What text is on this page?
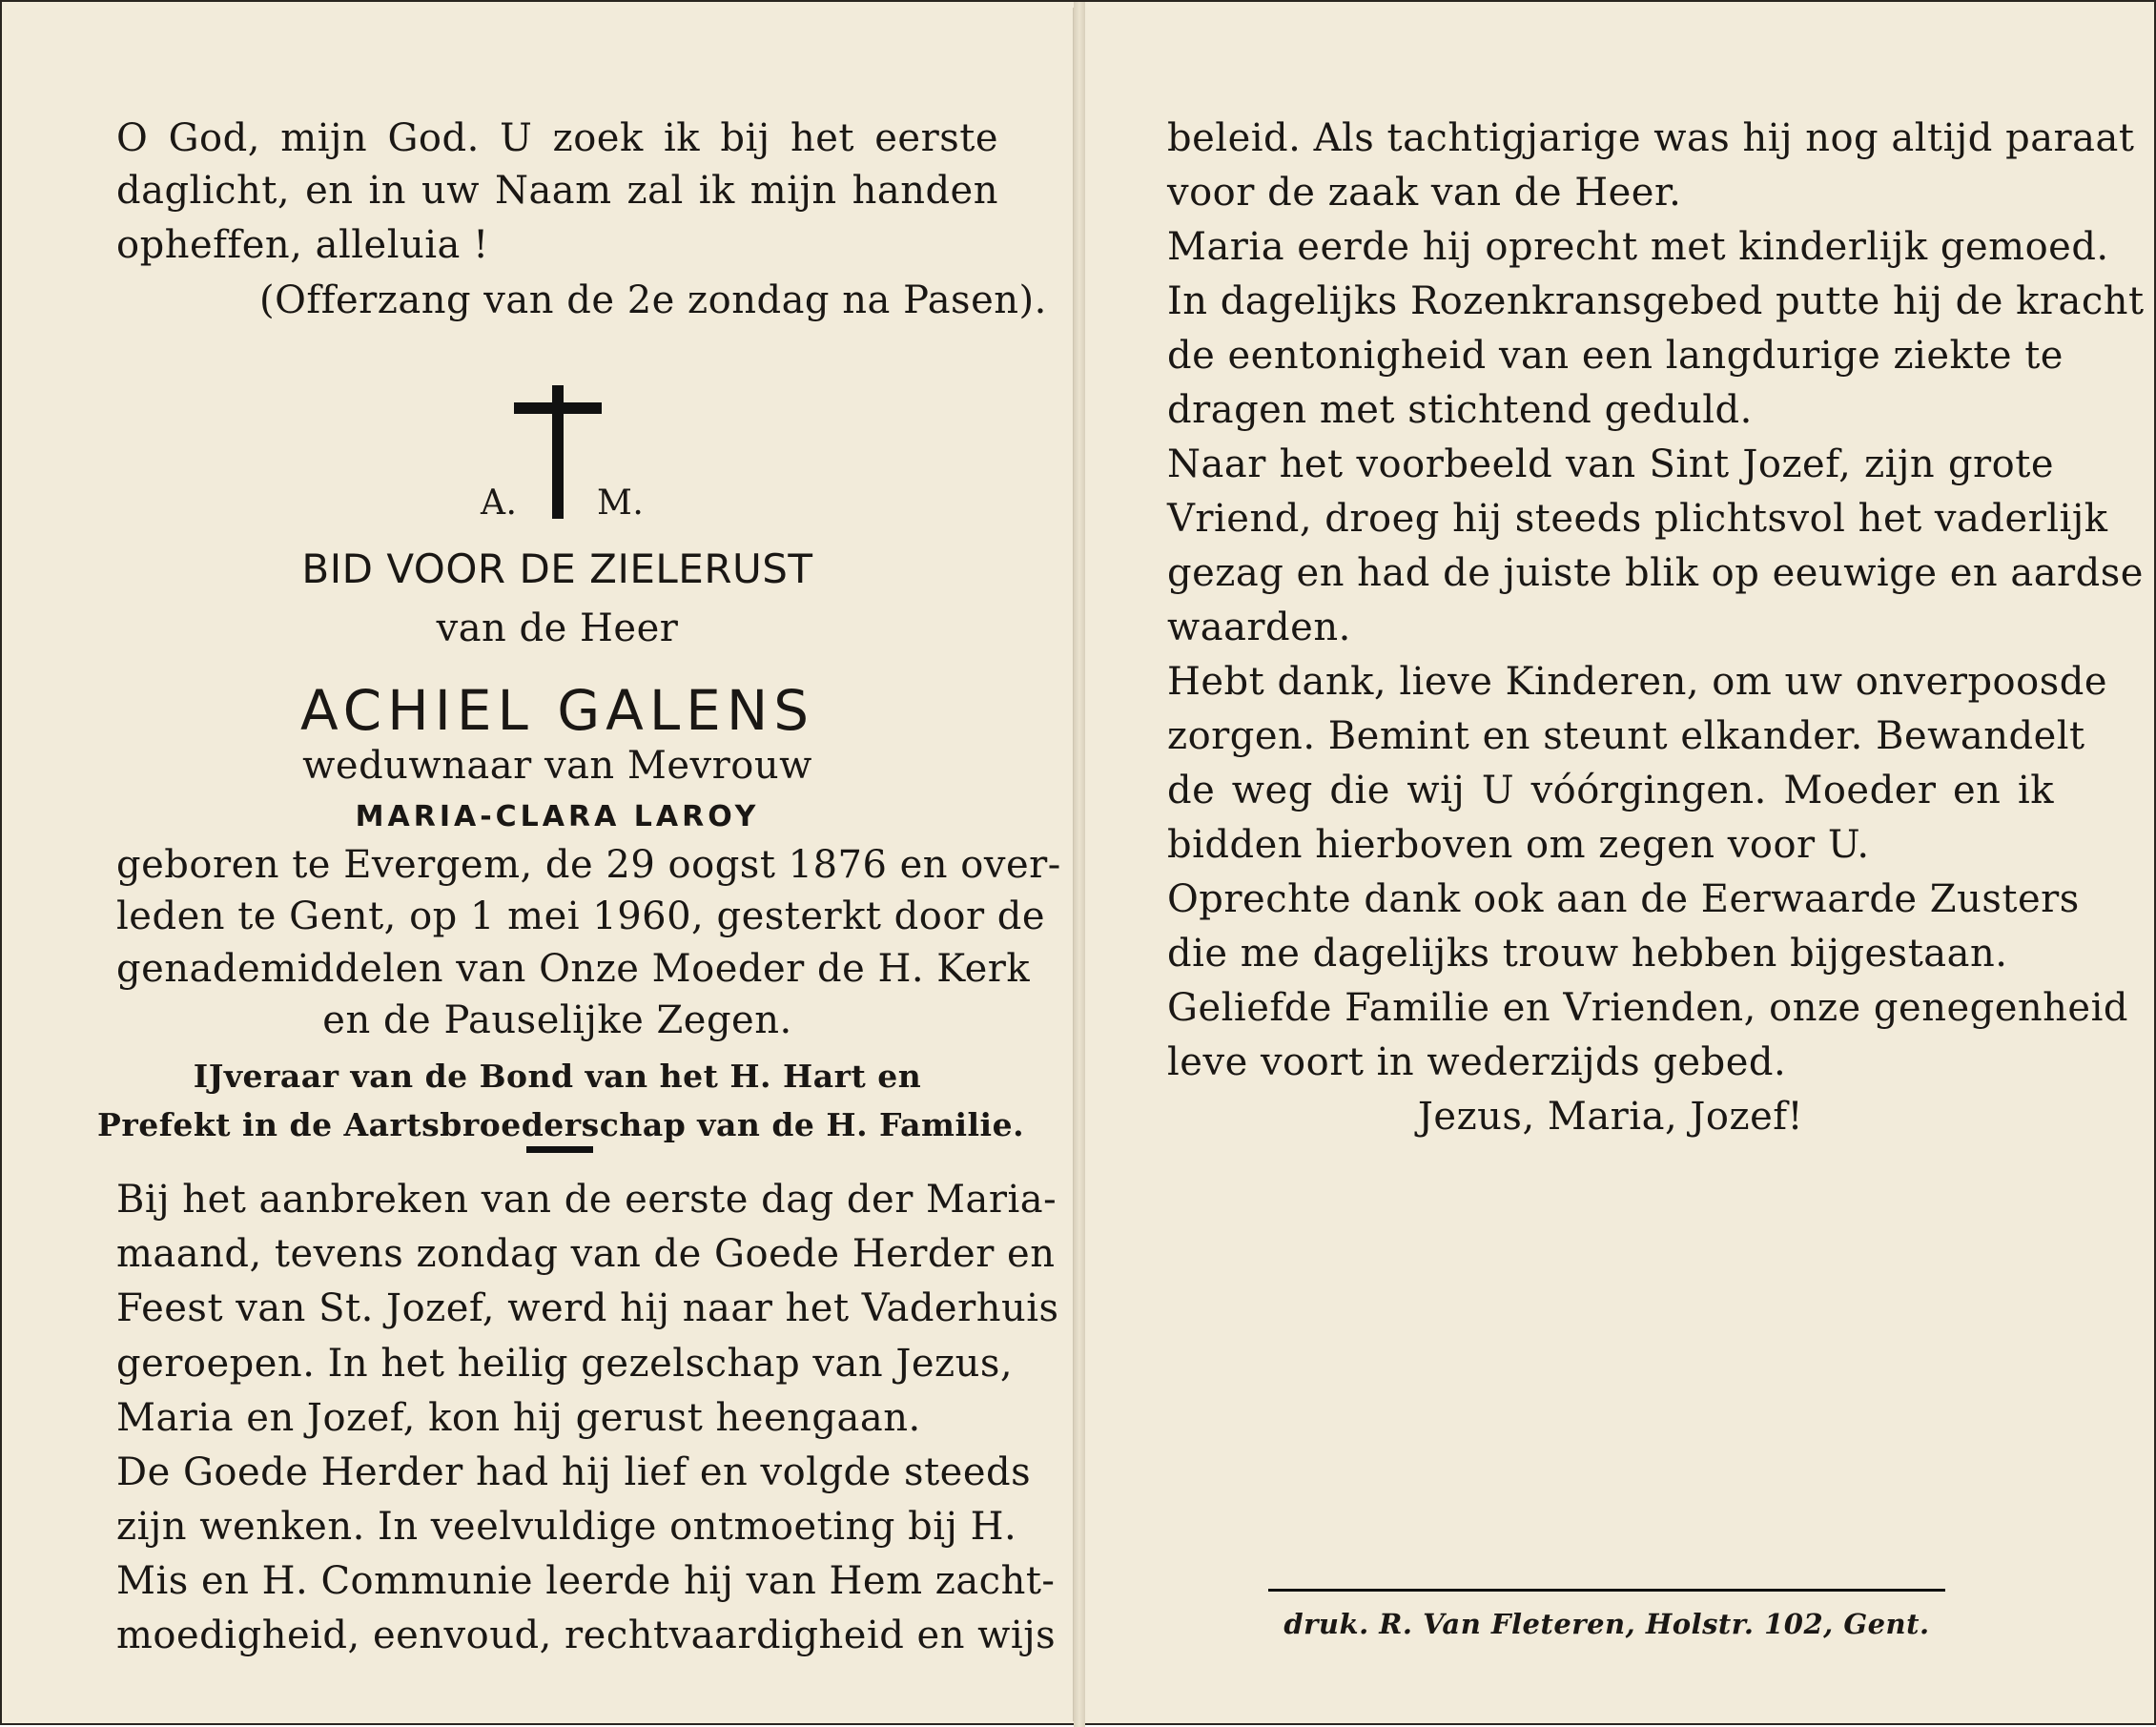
O God, mijn God. U zoek ik bij het eerste
daglicht, en in uw Naam zal ik mijn handen
opheffen, alleluia !
(Offerzang van de 2e zondag na Pasen).
A. M.
BID VOOR DE ZIELERUST
van de Heer
ACHIEL GALENS
weduwnaar van Mevrouw
MARIA-CLARA LAROY
geboren te Evergem, de 29 oogst 1876 en over-
leden te Gent, op 1 mei 1960, gesterkt door de
genademiddelen van Onze Moeder de H. Kerk
en de Pauselijke Zegen.
IJveraar van de Bond van het H. Hart en
Prefekt in de Aartsbroederschap van de H. Familie.
Bij het aanbreken van de eerste dag der Maria-
maand, tevens zondag van de Goede Herder en
Feest van St. Jozef, werd hij naar het Vaderhuis
geroepen. In het heilig gezelschap van Jezus,
Maria en Jozef, kon hij gerust heengaan.
De Goede Herder had hij lief en volgde steeds
zijn wenken. In veelvuldige ontmoeting bij H.
Mis en H. Communie leerde hij van Hem zacht-
moedigheid, eenvoud, rechtvaardigheid en wijs
beleid. Als tachtigjarige was hij nog altijd paraat
voor de zaak van de Heer.
Maria eerde hij oprecht met kinderlijk gemoed.
In dagelijks Rozenkransgebed putte hij de kracht
de eentonigheid van een langdurige ziekte te
dragen met stichtend geduld.
Naar het voorbeeld van Sint Jozef, zijn grote
Vriend, droeg hij steeds plichtsvol het vaderlijk
gezag en had de juiste blik op eeuwige en aardse
waarden.
Hebt dank, lieve Kinderen, om uw onverpoosde
zorgen. Bemint en steunt elkander. Bewandelt
de weg die wij U vóórgingen. Moeder en ik
bidden hierboven om zegen voor U.
Oprechte dank ook aan de Eerwaarde Zusters
die me dagelijks trouw hebben bijgestaan.
Geliefde Familie en Vrienden, onze genegenheid
leve voort in wederzijds gebed.
Jezus, Maria, Jozef!
druk. R. Van Fleteren, Holstr. 102, Gent.
